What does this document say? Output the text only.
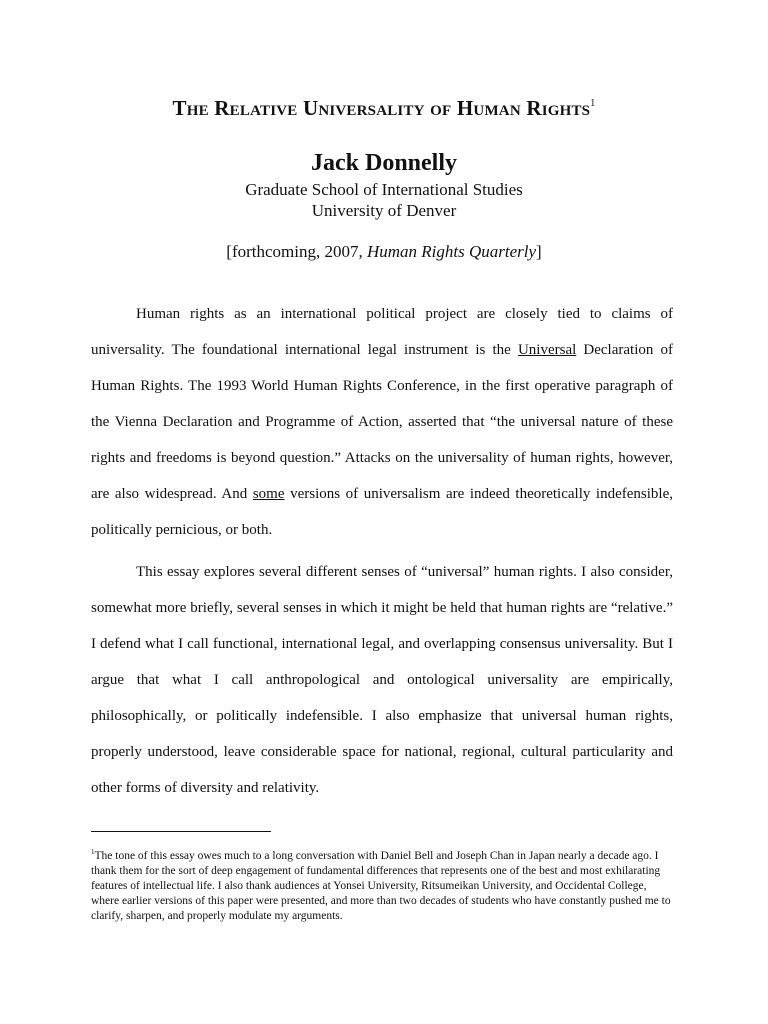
THE RELATIVE UNIVERSALITY OF HUMAN RIGHTS$^1$
Jack Donnelly
Graduate School of International Studies
University of Denver
[forthcoming, 2007, Human Rights Quarterly]

Human rights as an international political project are closely tied to claims of universality. The foundational international legal instrument is the Universal Declaration of Human Rights. The 1993 World Human Rights Conference, in the first operative paragraph of the Vienna Declaration and Programme of Action, asserted that “the universal nature of these rights and freedoms is beyond question.” Attacks on the universality of human rights, however, are also widespread. And some versions of universalism are indeed theoretically indefensible, politically pernicious, or both.

This essay explores several different senses of “universal” human rights. I also consider, somewhat more briefly, several senses in which it might be held that human rights are “relative.” I defend what I call functional, international legal, and overlapping consensus universality. But I argue that what I call anthropological and ontological universality are empirically, philosophically, or politically indefensible. I also emphasize that universal human rights, properly understood, leave considerable space for national, regional, cultural particularity and other forms of diversity and relativity.

$^1$The tone of this essay owes much to a long conversation with Daniel Bell and Joseph Chan in Japan nearly a decade ago. I thank them for the sort of deep engagement of fundamental differences that represents one of the best and most exhilarating features of intellectual life. I also thank audiences at Yonsei University, Ritsumeikan University, and Occidental College, where earlier versions of this paper were presented, and more than two decades of students who have constantly pushed me to clarify, sharpen, and properly modulate my arguments.
